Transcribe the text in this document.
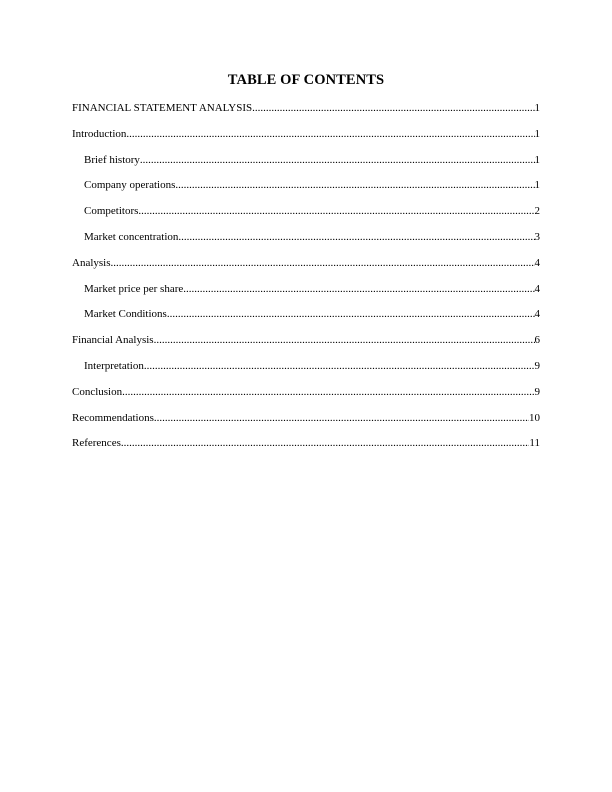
TABLE OF CONTENTS
FINANCIAL STATEMENT ANALYSIS .....	1
Introduction .....	1
Brief history .....	1
Company operations .....	1
Competitors .....	2
Market concentration .....	3
Analysis .....	4
Market price per share .....	4
Market Conditions .....	4
Financial Analysis .....	6
Interpretation .....	9
Conclusion .....	9
Recommendations .....	10
References .....	11
